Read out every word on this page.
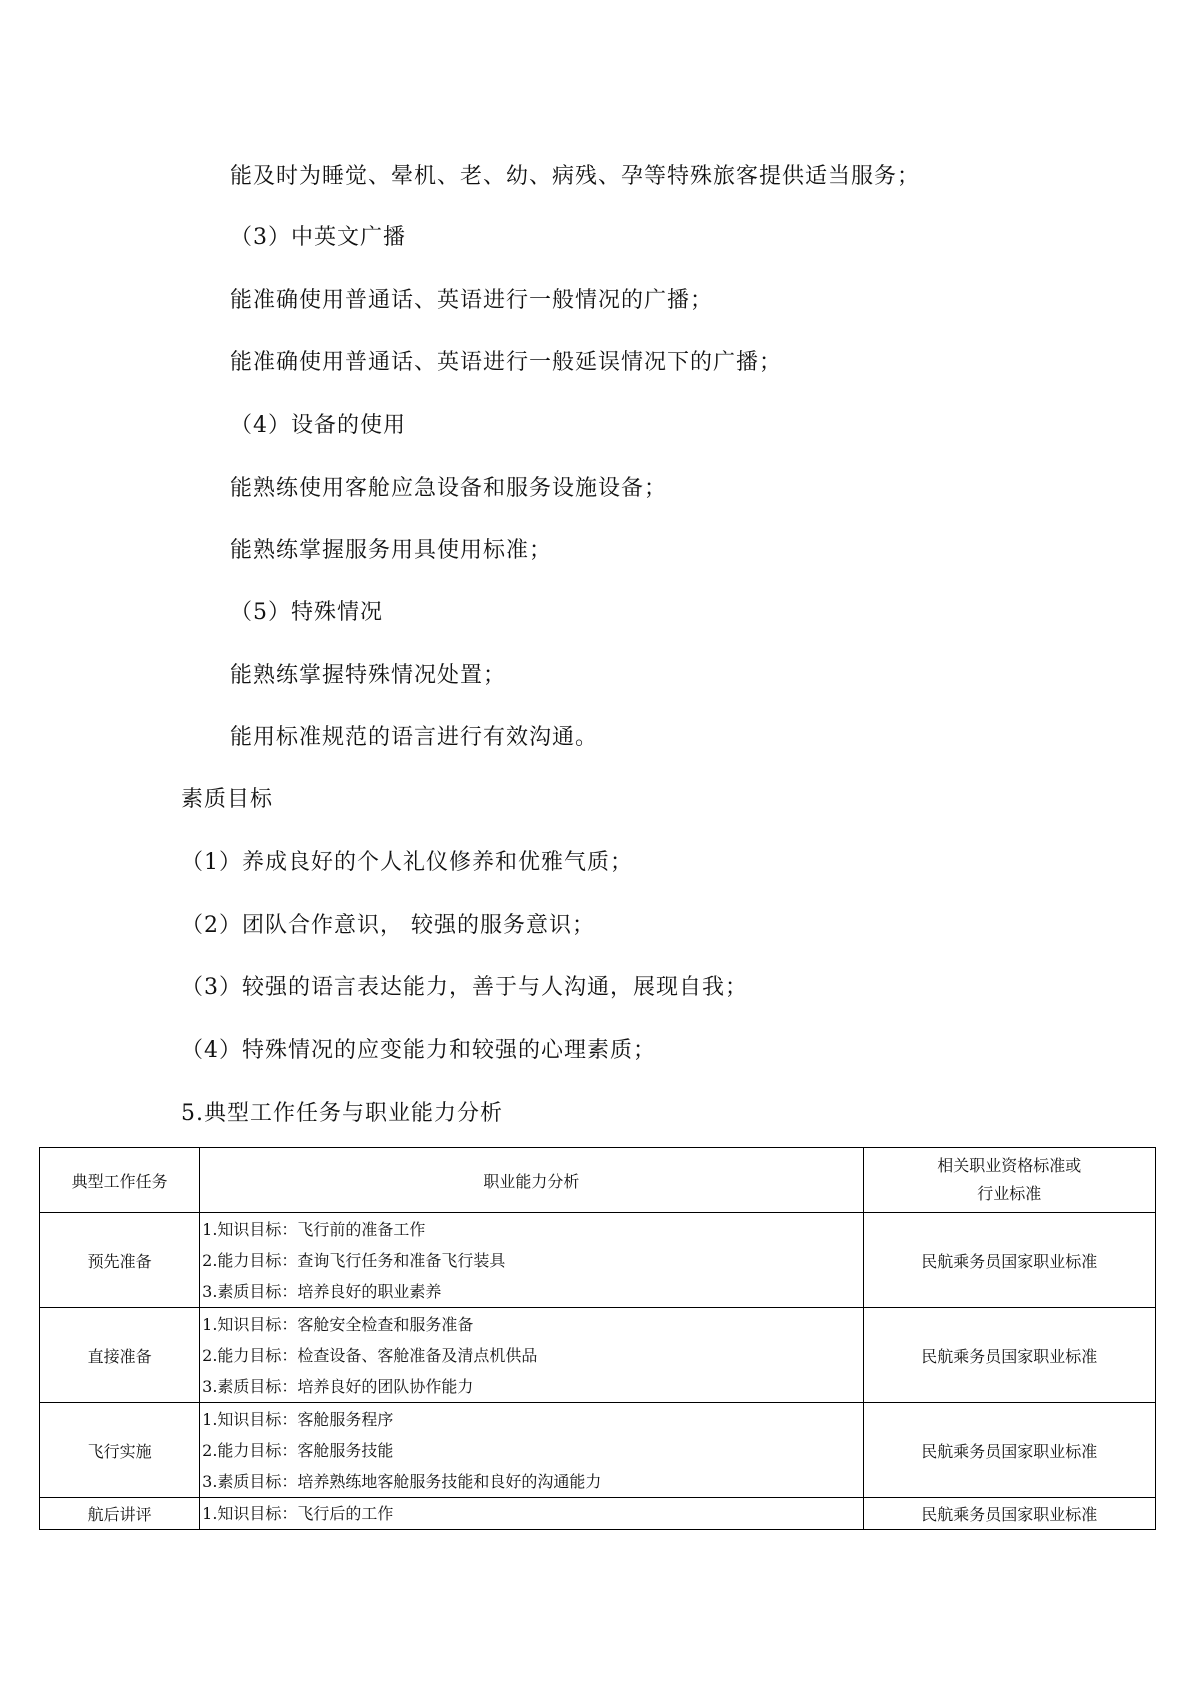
能及时为睡觉、晕机、老、幼、病残、孕等特殊旅客提供适当服务；
（3）中英文广播
能准确使用普通话、英语进行一般情况的广播；
能准确使用普通话、英语进行一般延误情况下的广播；
（4）设备的使用
能熟练使用客舱应急设备和服务设施设备；
能熟练掌握服务用具使用标准；
（5）特殊情况
能熟练掌握特殊情况处置；
能用标准规范的语言进行有效沟通。
素质目标
（1）养成良好的个人礼仪修养和优雅气质；
（2）团队合作意识， 较强的服务意识；
（3）较强的语言表达能力，善于与人沟通，展现自我；
（4）特殊情况的应变能力和较强的心理素质；
5.典型工作任务与职业能力分析
典型工作任务	职业能力分析	相关职业资格标准或
行业标准

预先准备	1.知识目标：飞行前的准备工作
2.能力目标：查询飞行任务和准备飞行装具
3.素质目标：培养良好的职业素养	民航乘务员国家职业标准
直接准备	1.知识目标：客舱安全检查和服务准备
2.能力目标：检查设备、客舱准备及清点机供品
3.素质目标：培养良好的团队协作能力	民航乘务员国家职业标准
飞行实施	1.知识目标：客舱服务程序
2.能力目标：客舱服务技能
3.素质目标：培养熟练地客舱服务技能和良好的沟通能力	民航乘务员国家职业标准
航后讲评	1.知识目标：飞行后的工作	民航乘务员国家职业标准
